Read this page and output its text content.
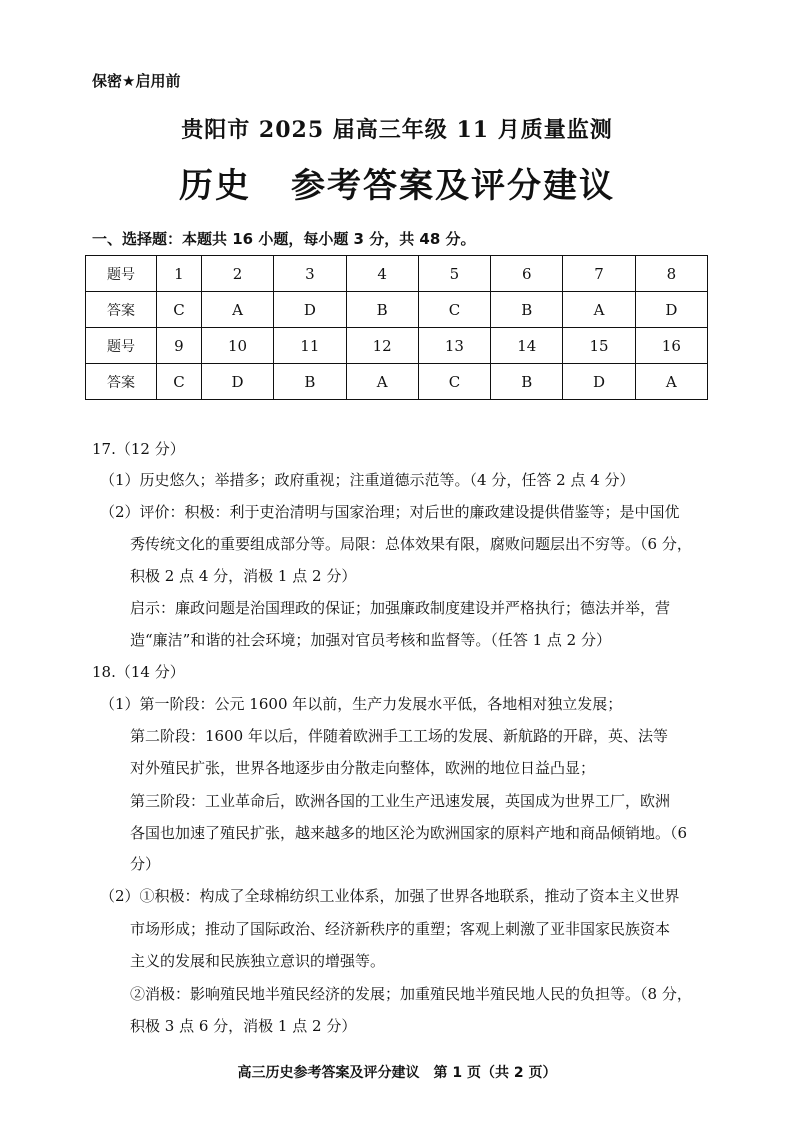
保密★启用前
贵阳市 2025 届高三年级 11 月质量监测
历史 参考答案及评分建议
一、选择题：本题共 16 小题，每小题 3 分，共 48 分。
题号	1	2	3	4	5	6	7	8
答案	C	A	D	B	C	B	A	D
题号	9	10	11	12	13	14	15	16
答案	C	D	B	A	C	B	D	A
17.（12 分）
（1）历史悠久；举措多；政府重视；注重道德示范等。（4 分，任答 2 点 4 分）
（2）评价：积极：利于吏治清明与国家治理；对后世的廉政建设提供借鉴等；是中国优
秀传统文化的重要组成部分等。局限：总体效果有限，腐败问题层出不穷等。（6 分，
积极 2 点 4 分，消极 1 点 2 分）
启示：廉政问题是治国理政的保证；加强廉政制度建设并严格执行；德法并举，营
造“廉洁”和谐的社会环境；加强对官员考核和监督等。（任答 1 点 2 分）
18.（14 分）
（1）第一阶段：公元 1600 年以前，生产力发展水平低，各地相对独立发展；
第二阶段：1600 年以后，伴随着欧洲手工工场的发展、新航路的开辟，英、法等
对外殖民扩张，世界各地逐步由分散走向整体，欧洲的地位日益凸显；
第三阶段：工业革命后，欧洲各国的工业生产迅速发展，英国成为世界工厂，欧洲
各国也加速了殖民扩张，越来越多的地区沦为欧洲国家的原料产地和商品倾销地。（6
分）
（2）①积极：构成了全球棉纺织工业体系，加强了世界各地联系，推动了资本主义世界
市场形成；推动了国际政治、经济新秩序的重塑；客观上刺激了亚非国家民族资本
主义的发展和民族独立意识的增强等。
②消极：影响殖民地半殖民经济的发展；加重殖民地半殖民地人民的负担等。（8 分，
积极 3 点 6 分，消极 1 点 2 分）
高三历史参考答案及评分建议　第 1 页（共 2 页）
